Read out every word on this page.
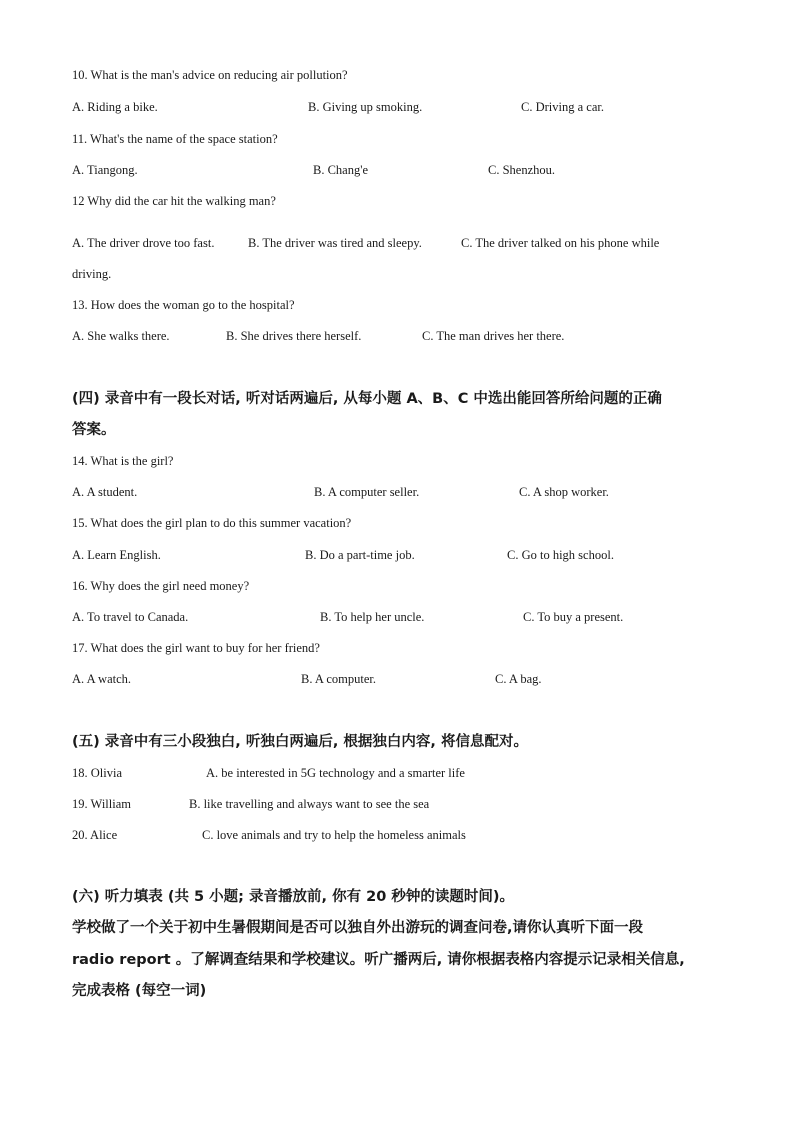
10. What is the man's advice on reducing air pollution?
A. Riding a bike.	B. Giving up smoking.	C. Driving a car.
11. What's the name of the space station?
A. Tiangong.	B. Chang'e	C. Shenzhou.
12 Why did the car hit the walking man?
A. The driver drove too fast.	B. The driver was tired and sleepy.	C. The driver talked on his phone while
driving.
13. How does the woman go to the hospital?
A. She walks there.	B. She drives there herself.	C. The man drives her there.
(四) 录音中有一段长对话, 听对话两遍后, 从每小题 A、B、C 中选出能回答所给问题的正确
答案。
14. What is the girl?
A. A student.	B. A computer seller.	C. A shop worker.
15. What does the girl plan to do this summer vacation?
A. Learn English.	B. Do a part-time job.	C. Go to high school.
16. Why does the girl need money?
A. To travel to Canada.	B. To help her uncle.	C. To buy a present.
17. What does the girl want to buy for her friend?
A. A watch.	B. A computer.	C. A bag.
(五) 录音中有三小段独白, 听独白两遍后, 根据独白内容, 将信息配对。
18. Olivia	A. be interested in 5G technology and a smarter life
19. William	B. like travelling and always want to see the sea
20. Alice	C. love animals and try to help the homeless animals
(六) 听力填表 (共 5 小题; 录音播放前, 你有 20 秒钟的读题时间)。
学校做了一个关于初中生暑假期间是否可以独自外出游玩的调查问卷,请你认真听下面一段
radio report 。了解调查结果和学校建议。听广播两后, 请你根据表格内容提示记录相关信息,
完成表格 (每空一词)
